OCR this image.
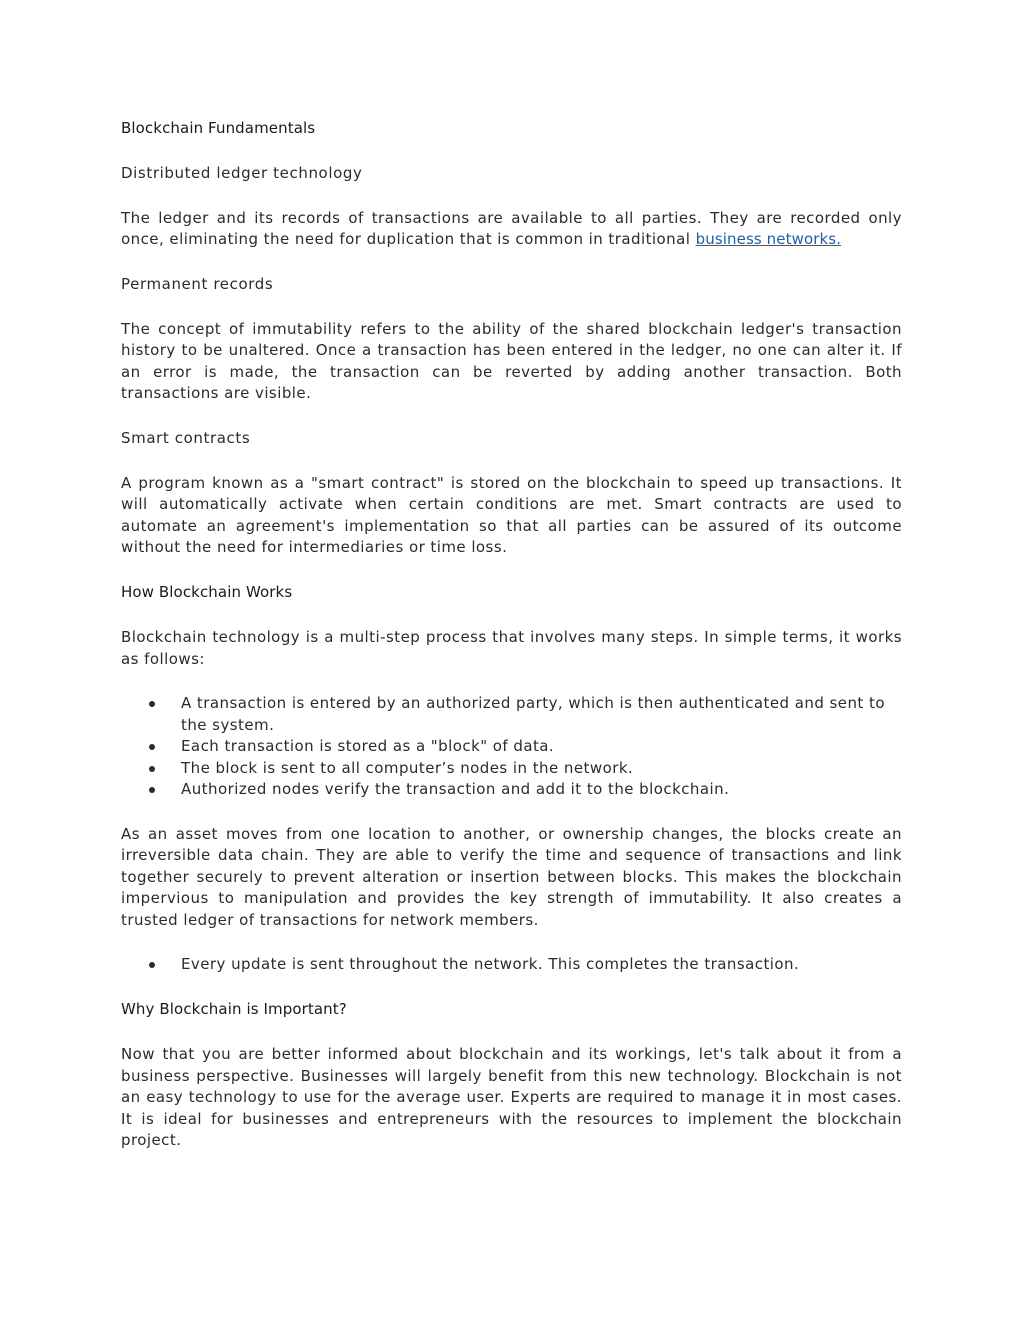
Blockchain Fundamentals

Distributed ledger technology

The ledger and its records of transactions are available to all parties. They are recorded only once, eliminating the need for duplication that is common in traditional business networks.

Permanent records

The concept of immutability refers to the ability of the shared blockchain ledger's transaction history to be unaltered. Once a transaction has been entered in the ledger, no one can alter it. If an error is made, the transaction can be reverted by adding another transaction. Both transactions are visible.

Smart contracts

A program known as a "smart contract" is stored on the blockchain to speed up transactions. It will automatically activate when certain conditions are met. Smart contracts are used to automate an agreement's implementation so that all parties can be assured of its outcome without the need for intermediaries or time loss.

How Blockchain Works

Blockchain technology is a multi-step process that involves many steps. In simple terms, it works as follows:

A transaction is entered by an authorized party, which is then authenticated and sent to the system.
Each transaction is stored as a "block" of data.
The block is sent to all computer’s nodes in the network.
Authorized nodes verify the transaction and add it to the blockchain.

As an asset moves from one location to another, or ownership changes, the blocks create an irreversible data chain. They are able to verify the time and sequence of transactions and link together securely to prevent alteration or insertion between blocks. This makes the blockchain impervious to manipulation and provides the key strength of immutability. It also creates a trusted ledger of transactions for network members.

Every update is sent throughout the network. This completes the transaction.
Why Blockchain is Important?

Now that you are better informed about blockchain and its workings, let's talk about it from a business perspective. Businesses will largely benefit from this new technology. Blockchain is not an easy technology to use for the average user. Experts are required to manage it in most cases. It is ideal for businesses and entrepreneurs with the resources to implement the blockchain project.
